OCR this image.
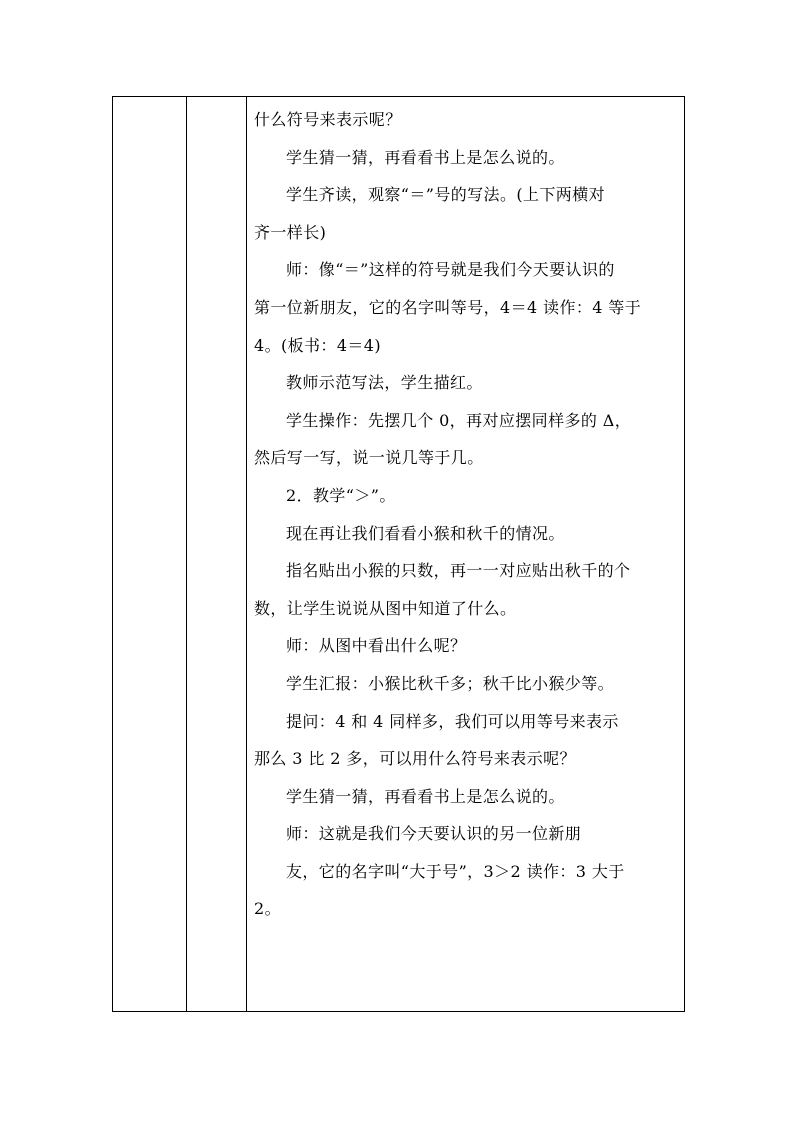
什么符号来表示呢？
学生猜一猜，再看看书上是怎么说的。
学生齐读，观察“＝”号的写法。(上下两横对
齐一样长)
师：像“＝”这样的符号就是我们今天要认识的
第一位新朋友，它的名字叫等号，4＝4 读作：4 等于
4。(板书：4＝4)
教师示范写法，学生描红。
学生操作：先摆几个 0，再对应摆同样多的 Δ，
然后写一写，说一说几等于几。
2．教学“＞”。
现在再让我们看看小猴和秋千的情况。
指名贴出小猴的只数，再一一对应贴出秋千的个
数，让学生说说从图中知道了什么。
师：从图中看出什么呢？
学生汇报：小猴比秋千多；秋千比小猴少等。
提问：4 和 4 同样多，我们可以用等号来表示
那么 3 比 2 多，可以用什么符号来表示呢？
学生猜一猜，再看看书上是怎么说的。
师：这就是我们今天要认识的另一位新朋
友，它的名字叫“大于号”，3＞2 读作：3 大于
2。
